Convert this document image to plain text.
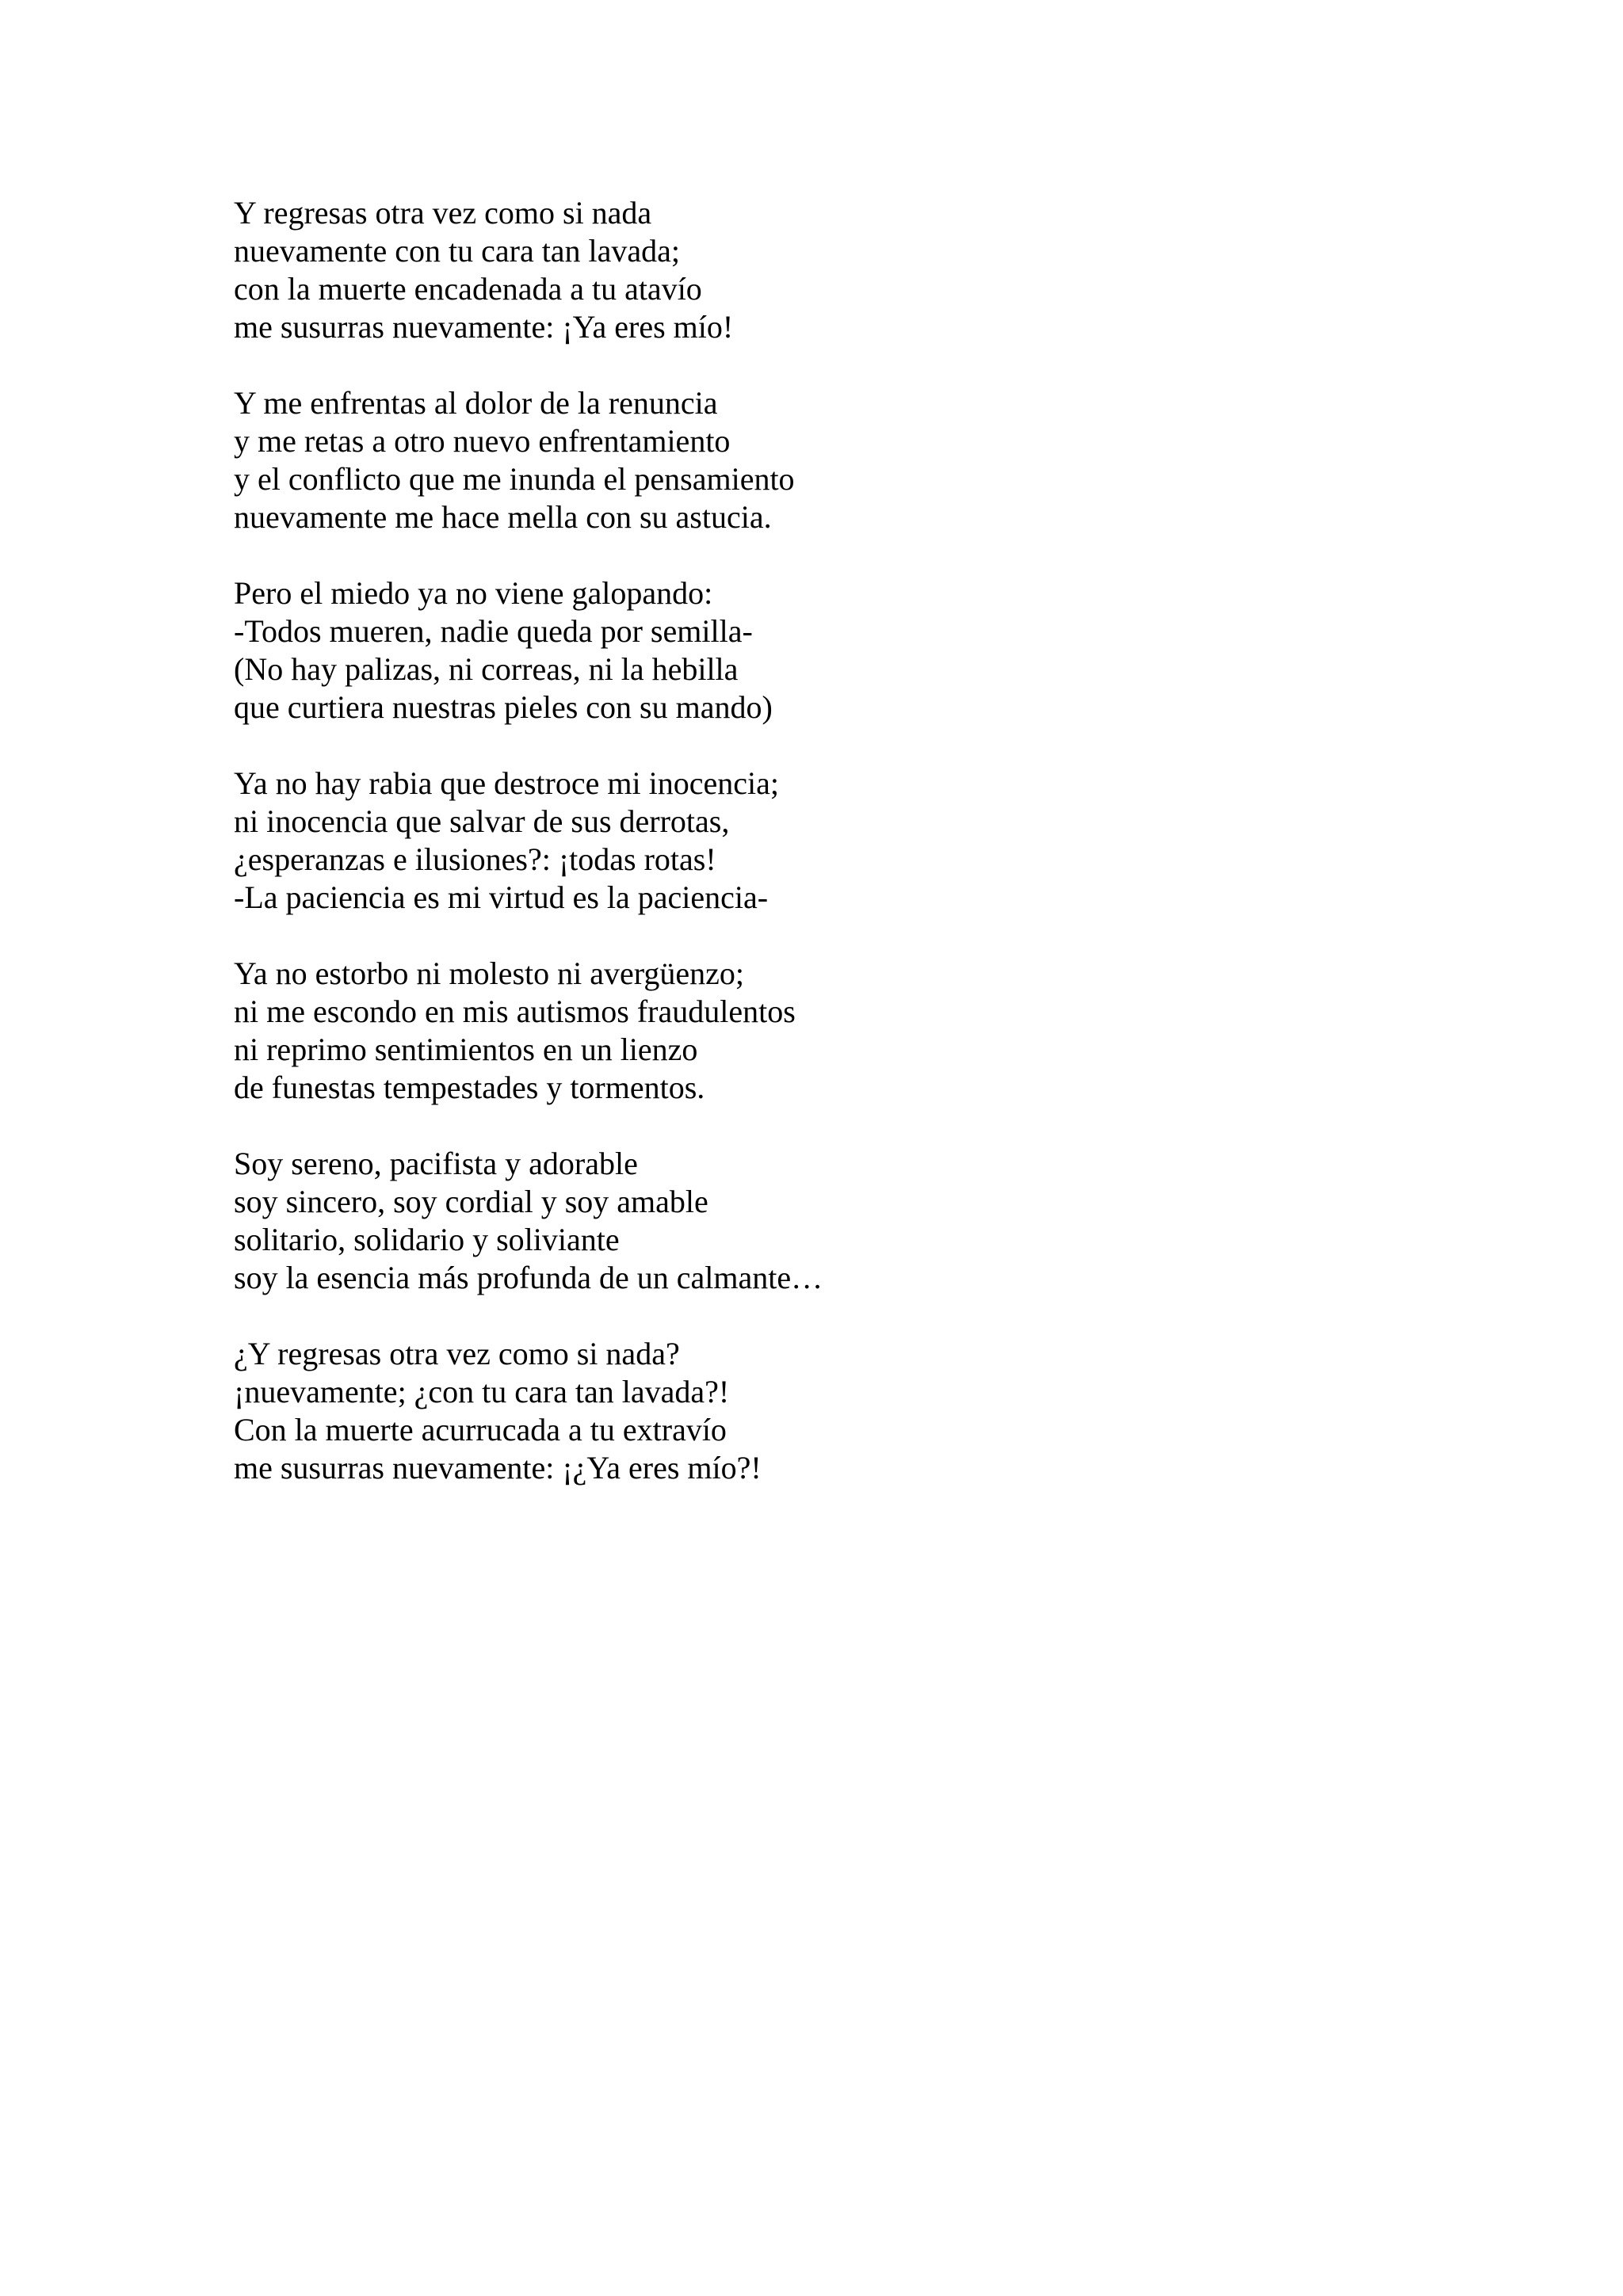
Y regresas otra vez como si nada
nuevamente con tu cara tan lavada;
con la muerte encadenada a tu atavío
me susurras nuevamente: ¡Ya eres mío!
Y me enfrentas al dolor de la renuncia
y me retas a otro nuevo enfrentamiento
y el conflicto que me inunda el pensamiento
nuevamente me hace mella con su astucia.
Pero el miedo ya no viene galopando:
-Todos mueren, nadie queda por semilla-
(No hay palizas, ni correas, ni la hebilla
que curtiera nuestras pieles con su mando)
Ya no hay rabia que destroce mi inocencia;
ni inocencia que salvar de sus derrotas,
¿esperanzas e ilusiones?: ¡todas rotas!
-La paciencia es mi virtud es la paciencia-
Ya no estorbo ni molesto ni avergüenzo;
ni me escondo en mis autismos fraudulentos
ni reprimo sentimientos en un lienzo
de funestas tempestades y tormentos.
Soy sereno, pacifista y adorable
soy sincero, soy cordial y soy amable
solitario, solidario y soliviante
soy la esencia más profunda de un calmante…
¿Y regresas otra vez como si nada?
¡nuevamente; ¿con tu cara tan lavada?!
Con la muerte acurrucada a tu extravío
me susurras nuevamente: ¡¿Ya eres mío?!
